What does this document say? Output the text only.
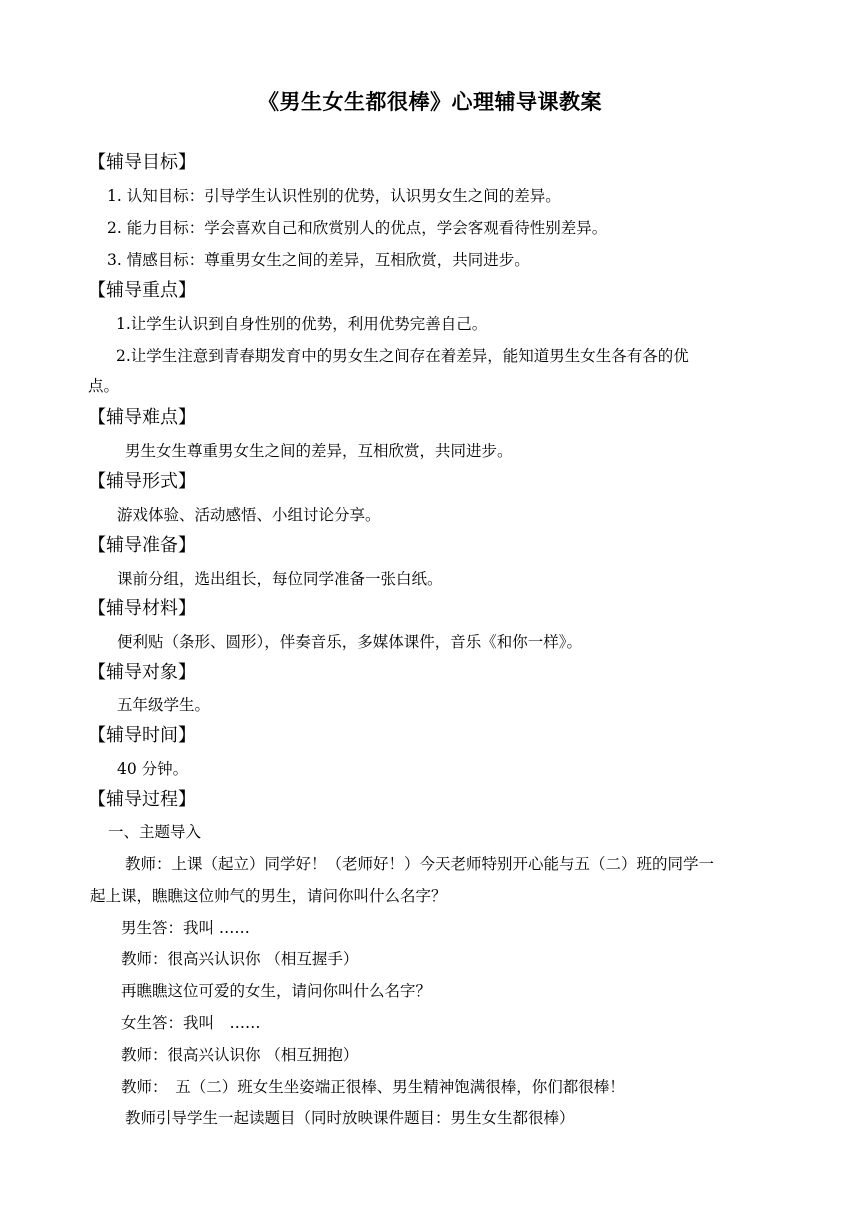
《男生女生都很棒》心理辅导课教案
【辅导目标】
1. 认知目标：引导学生认识性别的优势，认识男女生之间的差异。
2. 能力目标：学会喜欢自己和欣赏别人的优点，学会客观看待性别差异。
3. 情感目标：尊重男女生之间的差异，互相欣赏，共同进步。
【辅导重点】
1.让学生认识到自身性别的优势，利用优势完善自己。
2.让学生注意到青春期发育中的男女生之间存在着差异，能知道男生女生各有各的优
点。
【辅导难点】
男生女生尊重男女生之间的差异，互相欣赏，共同进步。
【辅导形式】
游戏体验、活动感悟、小组讨论分享。
【辅导准备】
课前分组，选出组长，每位同学准备一张白纸。
【辅导材料】
便利贴（条形、圆形），伴奏音乐，多媒体课件，音乐《和你一样》。
【辅导对象】
五年级学生。
【辅导时间】
40 分钟。
【辅导过程】
一、主题导入
教师：上课（起立）同学好！（老师好！）今天老师特别开心能与五（二）班的同学一
起上课，瞧瞧这位帅气的男生，请问你叫什么名字？
男生答：我叫 ……
教师：很高兴认识你 （相互握手）
再瞧瞧这位可爱的女生，请问你叫什么名字？
女生答：我叫　……
教师：很高兴认识你 （相互拥抱）
教师：　五（二）班女生坐姿端正很棒、男生精神饱满很棒，你们都很棒！
教师引导学生一起读题目（同时放映课件题目：男生女生都很棒）
